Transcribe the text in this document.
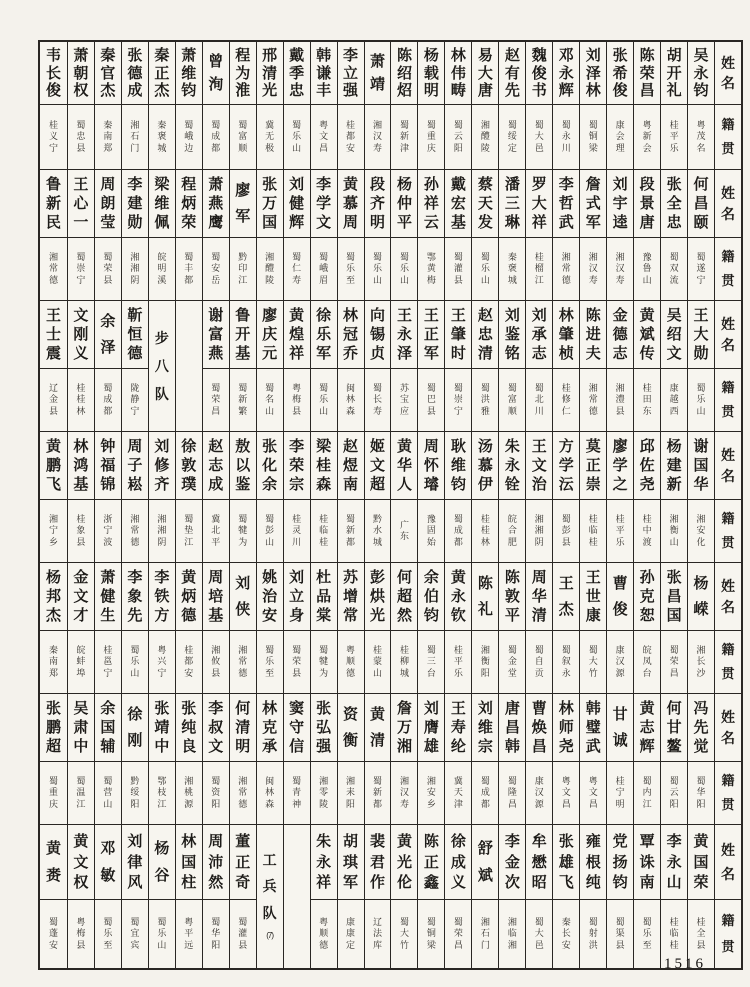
韦
长
俊
桂
义
宁
萧
朝
权
蜀
忠
县
秦
官
杰
秦
南
郑
张
德
成
湘
石
门
秦
正
杰
秦
褒
城
萧
维
钧
蜀
峨
边
曾
洵
蜀
成
都
程
为
淮
蜀
富
顺
邢
清
光
冀
无
极
戴
季
忠
蜀
乐
山
韩
谦
丰
粤
文
昌
李
立
强
桂
都
安
萧
靖
湘
汉
寿
陈
绍
炤
蜀
新
津
杨
载
明
蜀
重
庆
林
伟
畴
蜀
云
阳
易
大
唐
湘
醴
陵
赵
有
先
蜀
绥
定
魏
俊
书
蜀
大
邑
邓
永
辉
蜀
永
川
刘
泽
林
蜀
铜
梁
张
希
俊
康
会
理
陈
荣
昌
粤
新
会
胡
开
礼
桂
平
乐
吴
永
钧
粤
茂
名
姓
名
籍
贯
鲁
新
民
湘
常
德
王
心
一
蜀
崇
宁
周
朗
莹
蜀
荣
县
李
建
勋
湘
湘
阴
梁
维
佩
皖
明
溪
程
炳
荣
蜀
丰
都
萧
燕
鹰
蜀
安
岳
廖
军
黔
印
江
张
万
国
湘
醴
陵
刘
健
辉
蜀
仁
寿
李
学
文
蜀
峨
眉
黄
慕
周
蜀
乐
至
段
齐
明
蜀
乐
山
杨
仲
平
蜀
乐
山
孙
祥
云
鄂
黄
梅
戴
宏
基
蜀
灌
县
蔡
天
发
蜀
乐
山
潘
三
琳
秦
褒
城
罗
大
祥
桂
榴
江
李
哲
武
湘
常
德
詹
式
军
湘
汉
寿
刘
宇
逵
湘
汉
寿
段
景
唐
豫
鲁
山
张
全
忠
蜀
双
流
何
昌
颐
蜀
遂
宁
姓
名
籍
贯
王
士
震
辽
金
县
文
刚
义
桂
桂
林
余
泽
蜀
成
都
靳
恒
德
陇
静
宁
步
八
队
谢
富
燕
蜀
荣
昌
鲁
开
基
蜀
新
繁
廖
庆
元
蜀
名
山
黄
煌
祥
粤
梅
县
徐
乐
军
蜀
乐
山
林
冠
乔
闽
林
森
向
锡
贞
蜀
长
寿
王
永
泽
苏
宝
应
王
正
军
蜀
巴
县
王
肇
时
蜀
崇
宁
赵
忠
清
蜀
洪
雅
刘
鉴
铭
蜀
富
顺
刘
承
志
蜀
北
川
林
肇
桢
桂
修
仁
陈
进
夫
湘
常
德
金
德
志
湘
澧
县
黄
斌
传
桂
田
东
吴
绍
文
康
越
西
王
大
勋
蜀
乐
山
姓
名
籍
贯
黄
鹏
飞
湘
宁
乡
林
鸿
基
桂
象
县
钟
福
锦
浙
宁
波
周
子
崧
湘
常
德
刘
修
齐
湘
湘
阴
徐
敦
璞
蜀
垫
江
赵
志
成
冀
北
平
敖
以
鉴
蜀
犍
为
张
化
余
蜀
彭
山
李
荣
宗
桂
灵
川
梁
桂
森
桂
临
桂
赵
煜
南
蜀
新
都
姬
文
超
黔
水
城
黄
华
人
广
东
周
怀
璿
豫
固
始
耿
维
钧
蜀
成
都
汤
慕
伊
桂
桂
林
朱
永
铨
皖
合
肥
王
文
治
湘
湘
阴
方
学
沄
蜀
彭
县
莫
正
崇
桂
临
桂
廖
学
之
桂
平
乐
邱
佐
尧
桂
中
渡
杨
建
新
湘
衡
山
谢
国
华
湘
安
化
姓
名
籍
贯
杨
邦
杰
秦
南
郑
金
文
才
皖
蚌
埠
萧
健
生
桂
邕
宁
李
象
先
蜀
乐
山
李
铁
方
粤
兴
宁
黄
炳
德
桂
都
安
周
培
基
湘
攸
县
刘
侠
湘
常
德
姚
治
安
蜀
乐
至
刘
立
身
蜀
荣
县
杜
品
棠
蜀
犍
为
苏
增
常
粤
顺
德
彭
烘
光
桂
蒙
山
何
超
然
桂
柳
城
余
伯
钧
蜀
三
台
黄
永
钦
桂
平
乐
陈
礼
湘
衡
阳
陈
敦
平
蜀
金
堂
周
华
清
蜀
自
贡
王
杰
蜀
叙
永
王
世
康
蜀
大
竹
曹
俊
康
汉
源
孙
克
恕
皖
凤
台
张
昌
国
蜀
荣
昌
杨
嵘
湘
长
沙
姓
名
籍
贯
张
鹏
超
蜀
重
庆
吴
肃
中
蜀
温
江
余
国
辅
蜀
营
山
徐
刚
黔
绥
阳
张
靖
中
鄂
枝
江
张
纯
良
湘
桃
源
李
叔
文
蜀
资
阳
何
清
明
湘
常
德
林
克
承
闽
林
森
窦
守
信
蜀
青
神
张
弘
强
湘
零
陵
资
衡
湘
耒
阳
黄
清
蜀
新
都
詹
万
湘
湘
汉
寿
刘
膺
雄
湘
安
乡
王
寿
纶
冀
天
津
刘
维
宗
蜀
成
都
唐
昌
韩
蜀
隆
昌
曹
焕
昌
康
汉
源
林
师
尧
粤
文
昌
韩
璧
武
粤
文
昌
甘
诚
桂
宁
明
黄
志
辉
蜀
内
江
何
甘
鳌
蜀
云
阳
冯
先
觉
蜀
华
阳
姓
名
籍
贯
黄
赉
蜀
蓬
安
黄
文
权
粤
梅
县
邓
敏
蜀
乐
至
刘
律
风
蜀
宜
宾
杨
谷
蜀
乐
山
林
国
柱
粤
平
远
周
沛
然
蜀
华
阳
董
正
奇
蜀
灌
县
工
兵
队
(7)
朱
永
祥
粤
顺
德
胡
琪
军
康
康
定
裴
君
作
辽
法
库
黄
光
伦
蜀
大
竹
陈
正
鑫
蜀
铜
梁
徐
成
义
蜀
荣
昌
舒
斌
湘
石
门
李
金
次
湘
临
湘
牟
懋
昭
蜀
大
邑
张
雄
飞
秦
长
安
雍
根
纯
蜀
射
洪
党
扬
钧
蜀
渠
县
覃
诛
南
蜀
乐
至
李
永
山
桂
临
桂
黄
国
荣
桂
全
县
姓
名
籍
贯
1516
